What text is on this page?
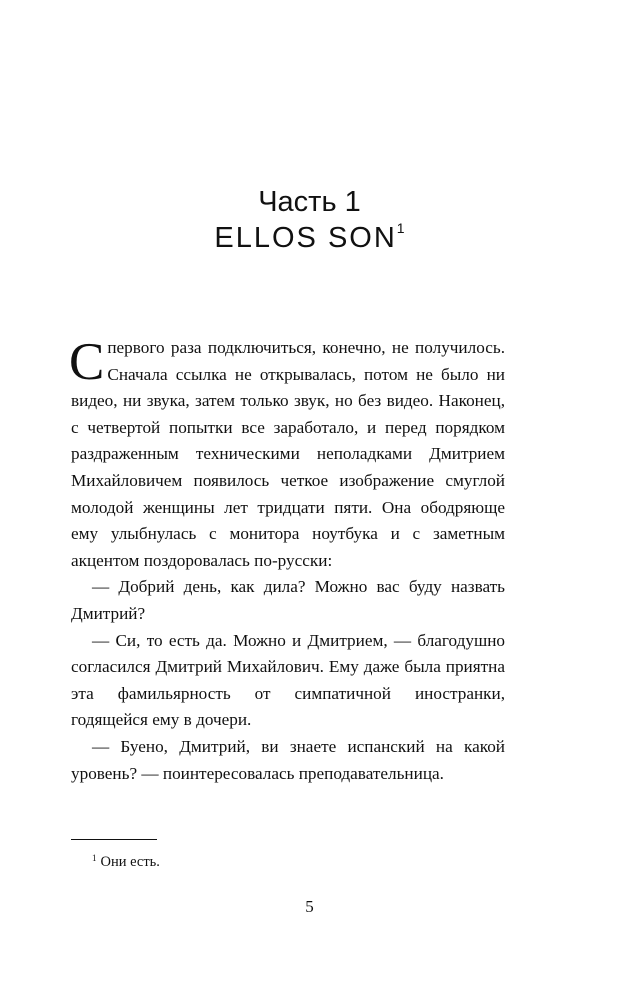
Часть 1
ELLOS SON$^1$

С первого раза подключиться, конечно, не получилось. Сначала ссылка не открывалась, потом не было ни видео, ни звука, затем только звук, но без видео. Наконец, с четвертой попытки все заработало, и перед порядком раздраженным техническими неполадками Дмитрием Михайловичем появилось четкое изображение смуглой молодой женщины лет тридцати пяти. Она ободряюще ему улыбнулась с монитора ноутбука и с заметным акцентом поздоровалась по-русски:

— Добрий день, как дила? Можно вас буду назвать Дмитрий?

— Си, то есть да. Можно и Дмитрием, — благодушно согласился Дмитрий Михайлович. Ему даже была приятна эта фамильярность от симпатичной иностранки, годящейся ему в дочери.

— Буено, Дмитрий, ви знаете испанский на какой уровень? — поинтересовалась преподавательница.

$^1$ Они есть.
5
